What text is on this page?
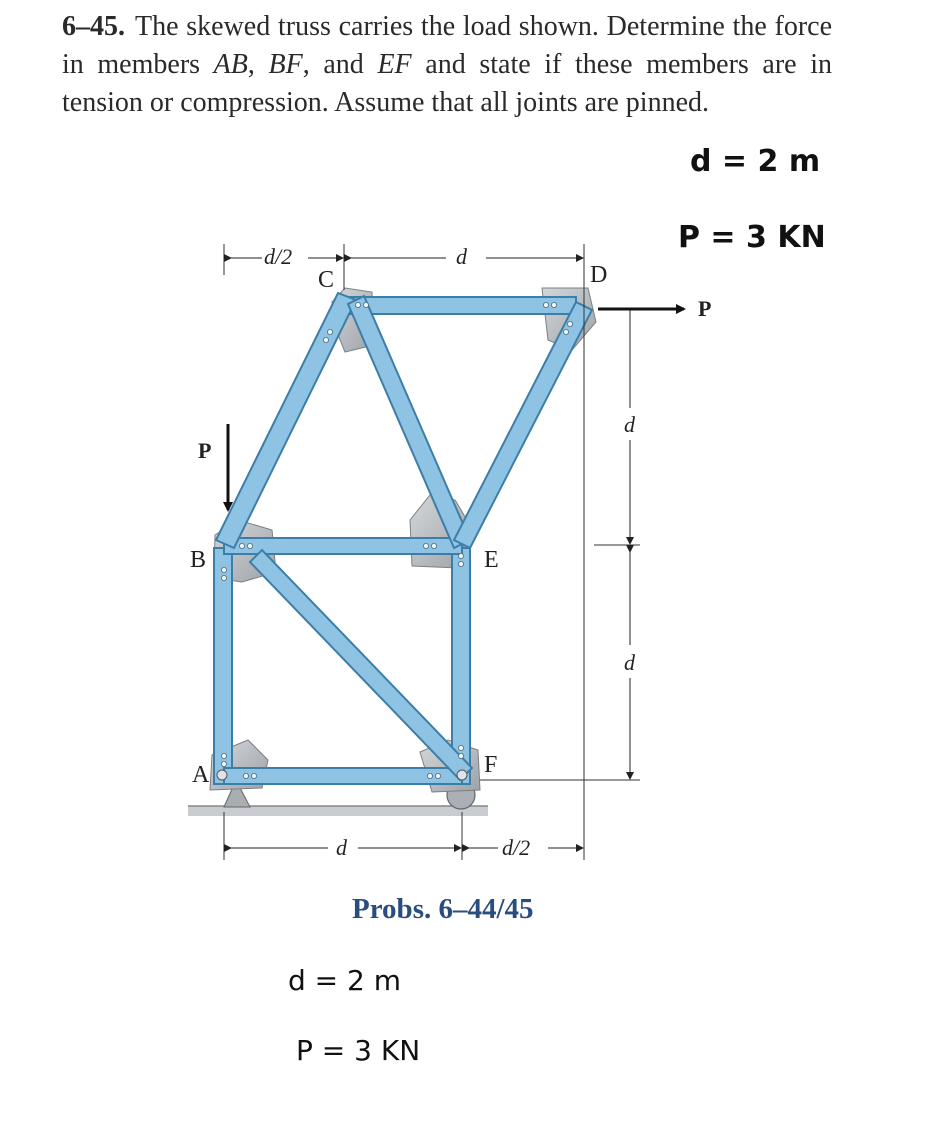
6–45. The skewed truss carries the load shown. Determine the force in members AB, BF, and EF and state if these members are in tension or compression. Assume that all joints are pinned.
d = 2 m
P = 3 KN
d/2	d
d
d
d	d/2
C	D
B	E
A	F
P
P
Probs. 6–44/45
d = 2 m
P = 3 KN
